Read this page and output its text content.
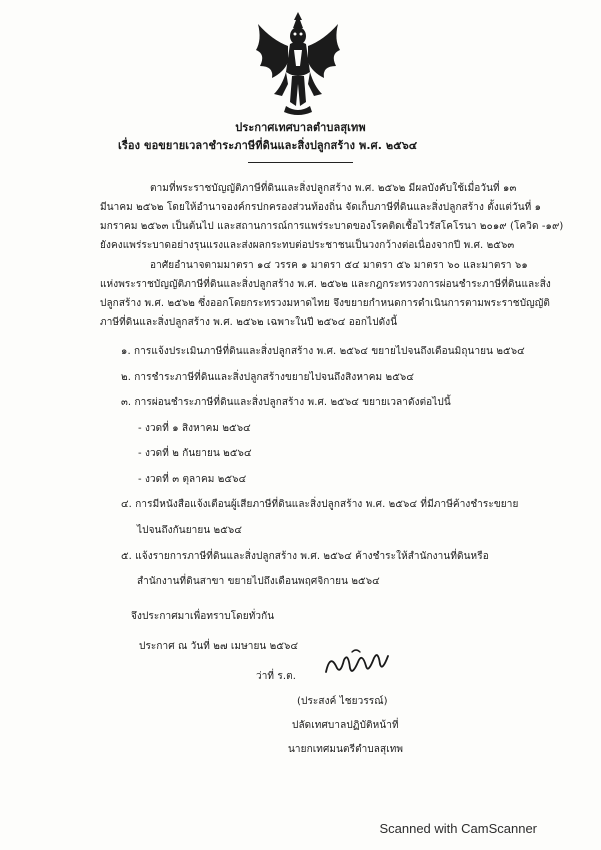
ประกาศเทศบาลตำบลสุเทพ
เรื่อง ขอขยายเวลาชำระภาษีที่ดินและสิ่งปลูกสร้าง พ.ศ. ๒๕๖๔
ตามที่พระราชบัญญัติภาษีที่ดินและสิ่งปลูกสร้าง พ.ศ. ๒๕๖๒ มีผลบังคับใช้เมื่อวันที่ ๑๓
มีนาคม ๒๕๖๒ โดยให้อำนาจองค์กรปกครองส่วนท้องถิ่น จัดเก็บภาษีที่ดินและสิ่งปลูกสร้าง ตั้งแต่วันที่ ๑
มกราคม ๒๕๖๓ เป็นต้นไป และสถานการณ์การแพร่ระบาดของโรคติดเชื้อไวรัสโคโรนา ๒๐๑๙ (โควิด -๑๙)
ยังคงแพร่ระบาดอย่างรุนแรงและส่งผลกระทบต่อประชาชนเป็นวงกว้างต่อเนื่องจากปี พ.ศ. ๒๕๖๓
อาศัยอำนาจตามมาตรา ๑๔ วรรค ๑ มาตรา ๕๔ มาตรา ๕๖ มาตรา ๖๐ และมาตรา ๖๑
แห่งพระราชบัญญัติภาษีที่ดินและสิ่งปลูกสร้าง พ.ศ. ๒๕๖๒ และกฎกระทรวงการผ่อนชำระภาษีที่ดินและสิ่ง
ปลูกสร้าง พ.ศ. ๒๕๖๒ ซึ่งออกโดยกระทรวงมหาดไทย จึงขยายกำหนดการดำเนินการตามพระราชบัญญัติ
ภาษีที่ดินและสิ่งปลูกสร้าง พ.ศ. ๒๕๖๒ เฉพาะในปี ๒๕๖๔ ออกไปดังนี้
๑. การแจ้งประเมินภาษีที่ดินและสิ่งปลูกสร้าง พ.ศ. ๒๕๖๔ ขยายไปจนถึงเดือนมิถุนายน ๒๕๖๔
๒. การชำระภาษีที่ดินและสิ่งปลูกสร้างขยายไปจนถึงสิงหาคม ๒๕๖๔
๓. การผ่อนชำระภาษีที่ดินและสิ่งปลูกสร้าง พ.ศ. ๒๕๖๔ ขยายเวลาดังต่อไปนี้
- งวดที่ ๑ สิงหาคม ๒๕๖๔
- งวดที่ ๒ กันยายน ๒๕๖๔
- งวดที่ ๓ ตุลาคม ๒๕๖๔
๔. การมีหนังสือแจ้งเตือนผู้เสียภาษีที่ดินและสิ่งปลูกสร้าง พ.ศ. ๒๕๖๔ ที่มีภาษีค้างชำระขยาย
ไปจนถึงกันยายน ๒๕๖๔
๕. แจ้งรายการภาษีที่ดินและสิ่งปลูกสร้าง พ.ศ. ๒๕๖๔ ค้างชำระให้สำนักงานที่ดินหรือ
สำนักงานที่ดินสาขา ขยายไปถึงเดือนพฤศจิกายน ๒๕๖๔
จึงประกาศมาเพื่อทราบโดยทั่วกัน
ประกาศ ณ วันที่ ๒๗ เมษายน ๒๕๖๔
ว่าที่ ร.ต.
(ประสงค์ ไชยวรรณ์)
ปลัดเทศบาลปฏิบัติหน้าที่
นายกเทศมนตรีตำบลสุเทพ
Scanned with CamScanner
